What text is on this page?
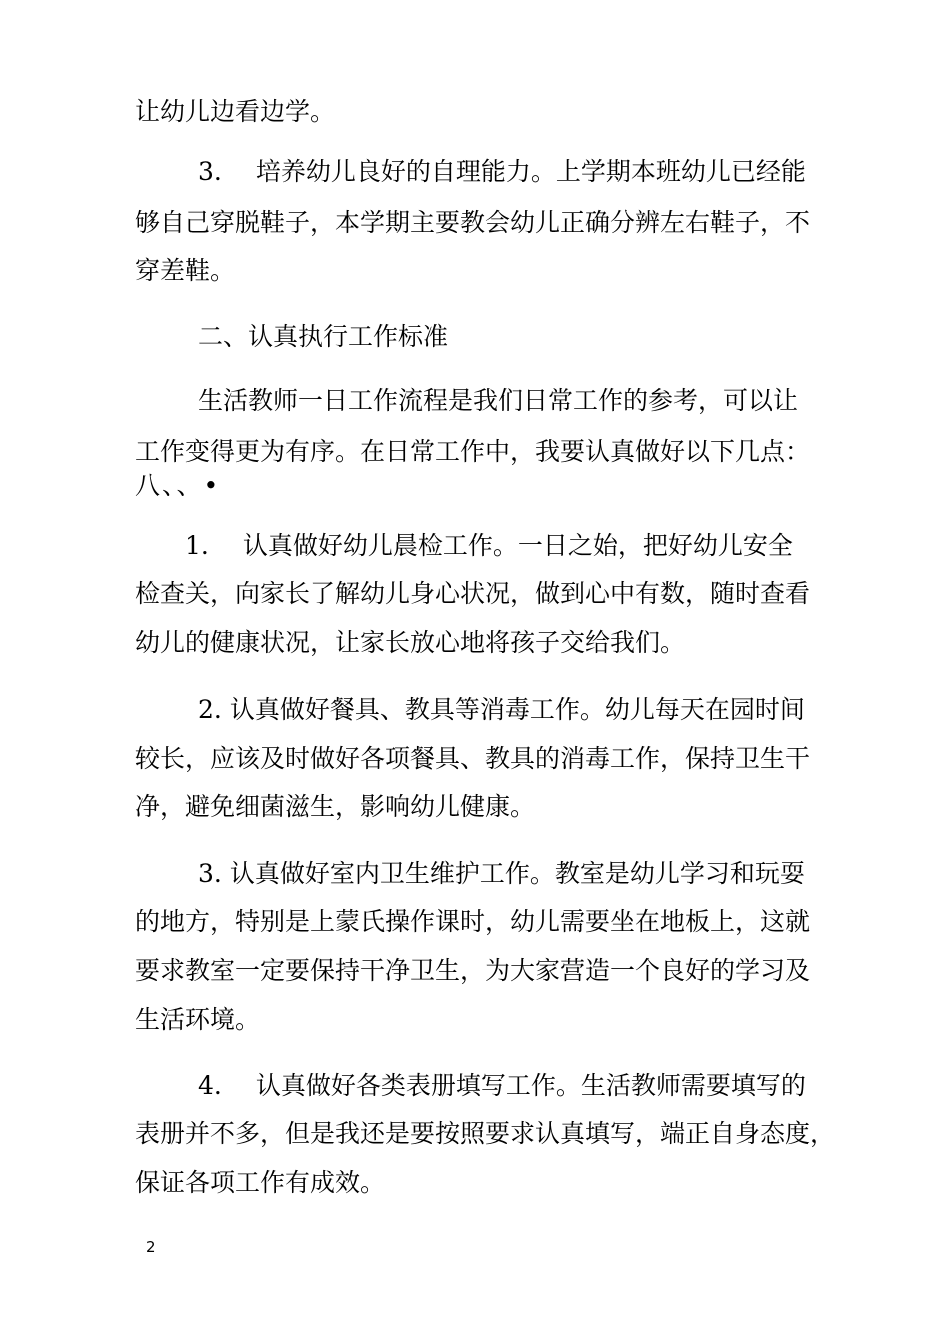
让幼儿边看边学。

3. 培养幼儿良好的自理能力。上学期本班幼儿已经能

够自己穿脱鞋子，本学期主要教会幼儿正确分辨左右鞋子，不

穿差鞋。

二、认真执行工作标准

生活教师一日工作流程是我们日常工作的参考，可以让

工作变得更为有序。在日常工作中，我要认真做好以下几点：

八、、•

1. 认真做好幼儿晨检工作。一日之始，把好幼儿安全

检查关，向家长了解幼儿身心状况，做到心中有数，随时查看

幼儿的健康状况，让家长放心地将孩子交给我们。

2. 认真做好餐具、教具等消毒工作。幼儿每天在园时间

较长，应该及时做好各项餐具、教具的消毒工作，保持卫生干

净，避免细菌滋生，影响幼儿健康。

3. 认真做好室内卫生维护工作。教室是幼儿学习和玩耍

的地方，特别是上蒙氏操作课时，幼儿需要坐在地板上，这就

要求教室一定要保持干净卫生，为大家营造一个良好的学习及

生活环境。

4. 认真做好各类表册填写工作。生活教师需要填写的

表册并不多，但是我还是要按照要求认真填写，端正自身态度，

保证各项工作有成效。

2
